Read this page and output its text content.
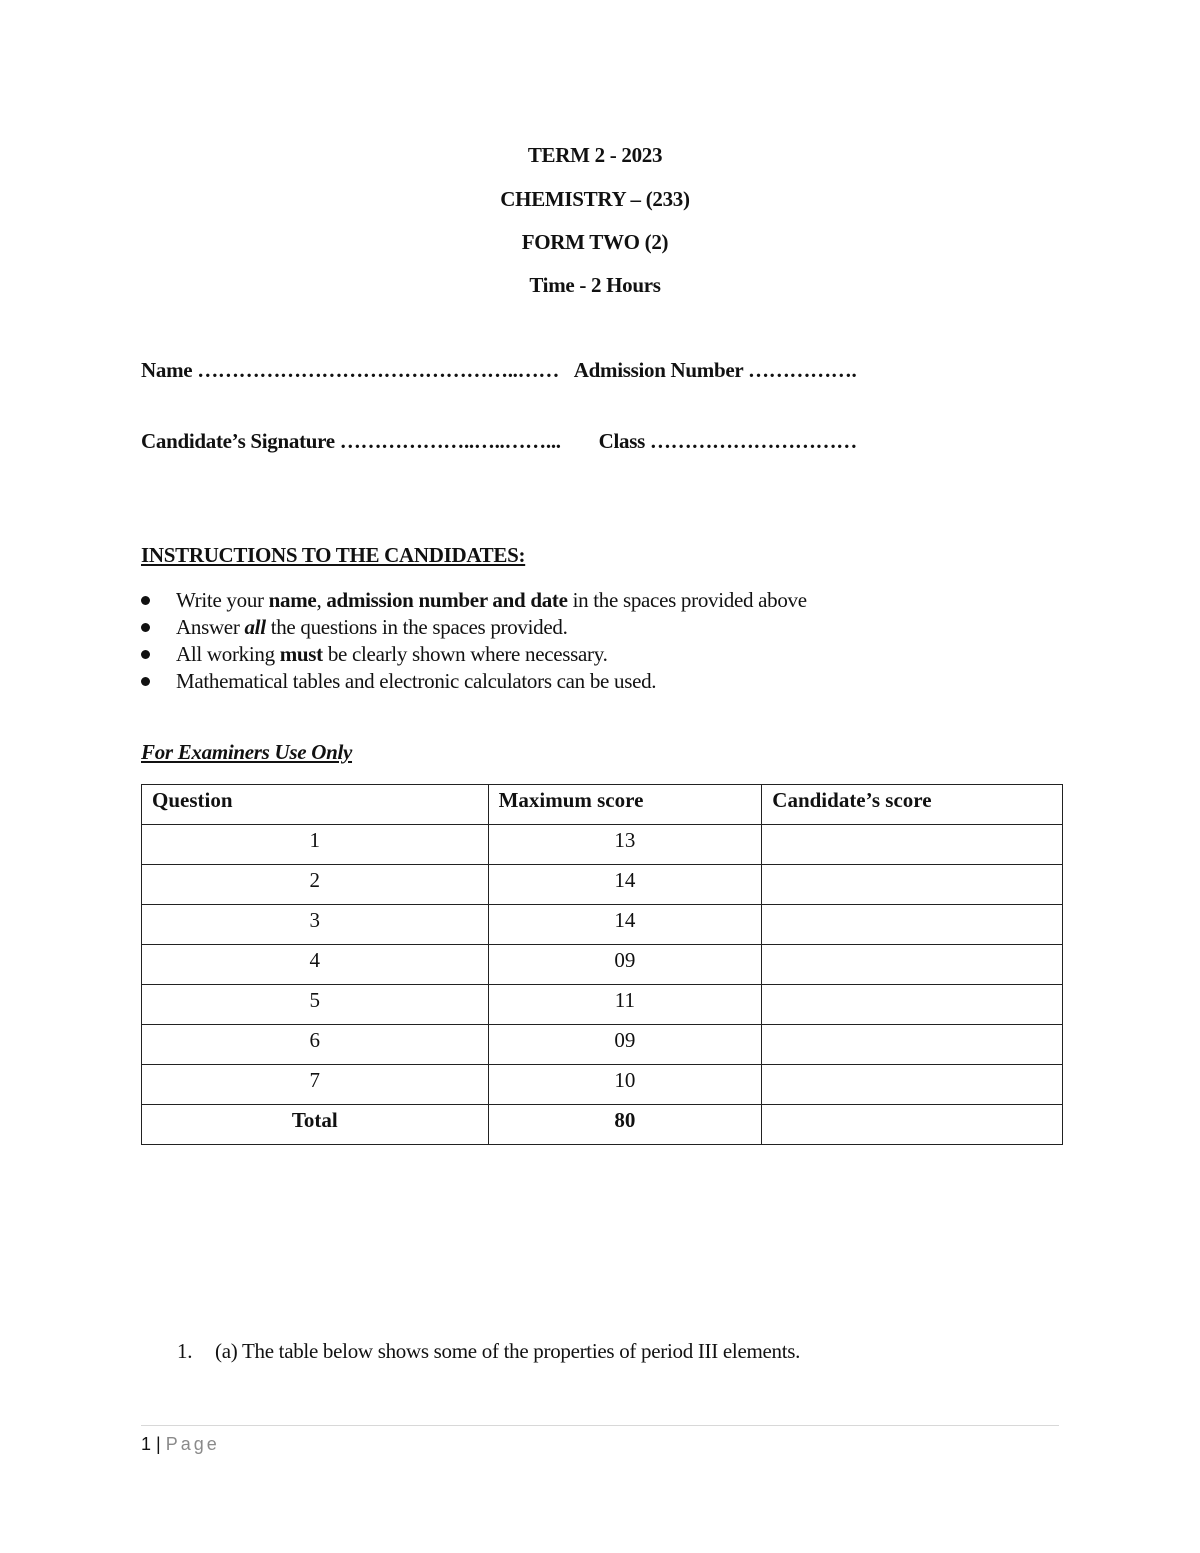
TERM 2 - 2023
CHEMISTRY – (233)
FORM TWO (2)
Time - 2 Hours
Name ………………………………………..…… Admission Number …………….
Candidate’s Signature ………………..…..……... Class …………………………
INSTRUCTIONS TO THE CANDIDATES:
Write your name, admission number and date in the spaces provided above
Answer all the questions in the spaces provided.
All working must be clearly shown where necessary.
Mathematical tables and electronic calculators can be used.
For Examiners Use Only
Question	Maximum score	Candidate’s score
1	13	
2	14	
3	14	
4	09	
5	11	
6	09	
7	10	
Total	80	
1. (a) The table below shows some of the properties of period III elements.
1 | Page
